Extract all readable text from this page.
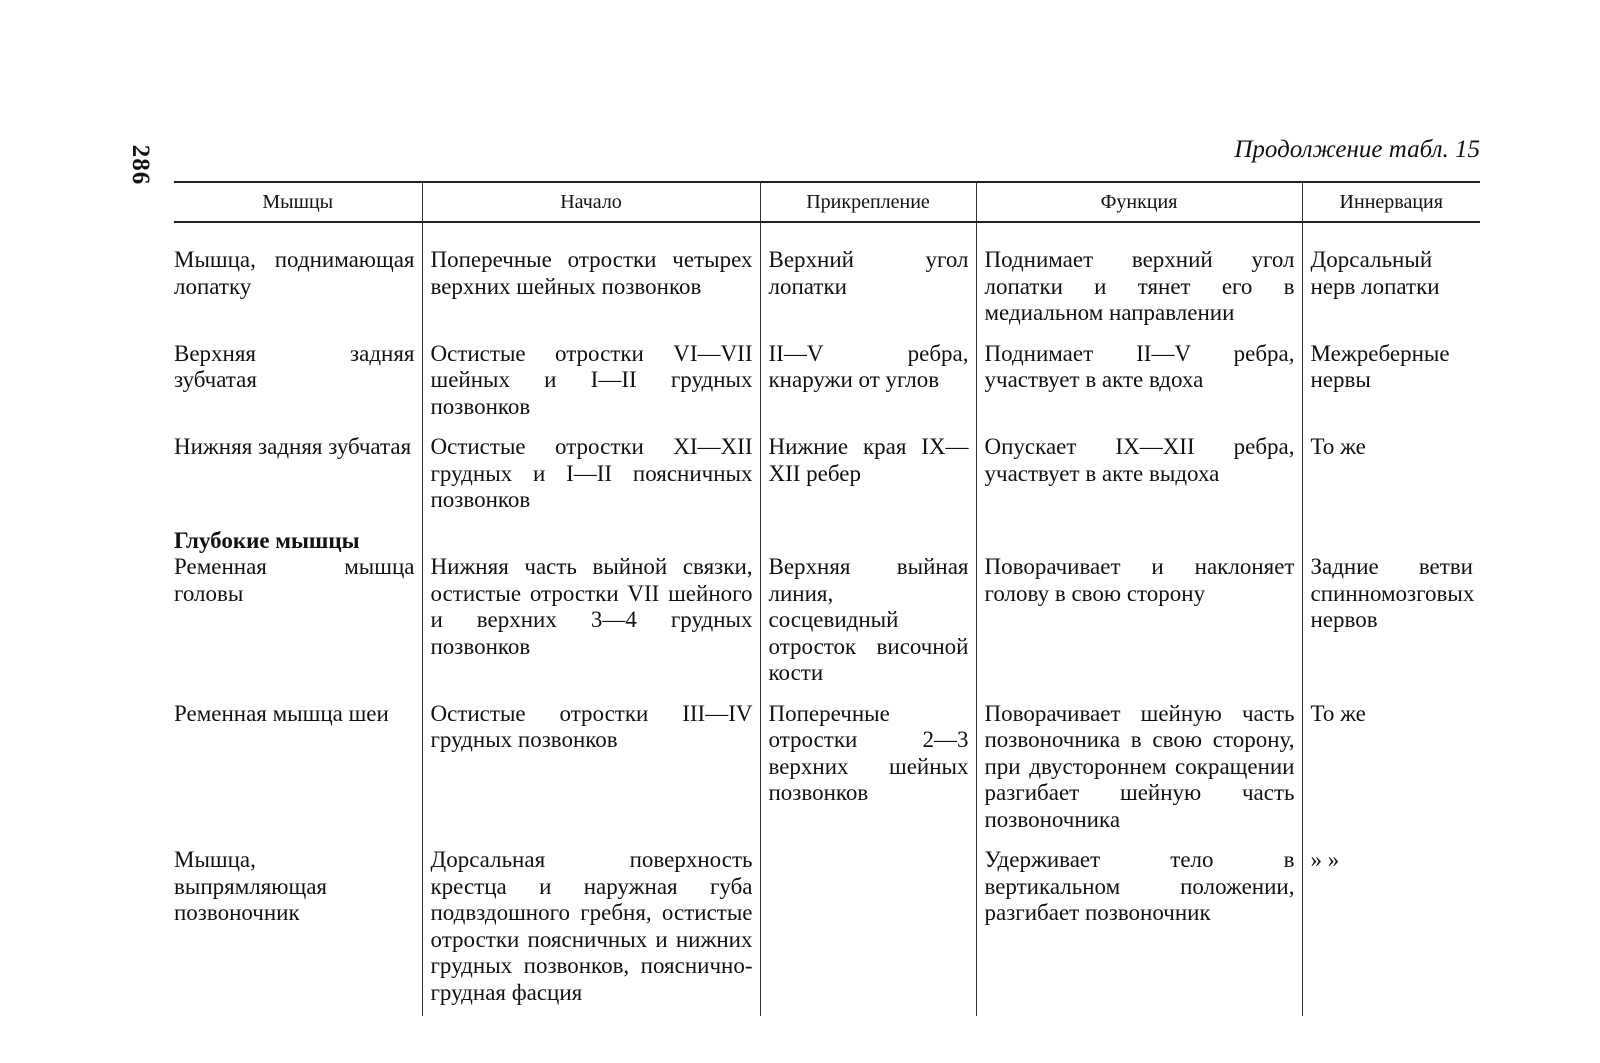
286	Продолжение табл. 15
Мышцы	Начало	Прикрепление	Функция	Иннервация
Мышца, поднимающая лопатку	Поперечные отростки четырех верхних шейных позвонков	Верхний угол лопатки	Поднимает верхний угол лопатки и тянет его в медиальном направлении	Дорсальный нерв лопатки
Верхняя задняя зубчатая	Остистые отростки VI—VII шейных и I—II грудных позвонков	II—V ребра, кнаружи от углов	Поднимает II—V ребра, участвует в акте вдоха	Межреберные нервы
Нижняя задняя зубчатая	Остистые отростки XI—XII грудных и I—II поясничных позвонков	Нижние края IX—XII ребер	Опускает IX—XII ребра, участвует в акте выдоха	То же

Глубокие мышцы
Ременная мышца головы	Нижняя часть выйной связки, остистые отростки VII шейного и верхних 3—4 грудных позвонков	Верхняя выйная линия, сосцевидный отросток височной кости	Поворачивает и наклоняет голову в свою сторону	Задние ветви спинномозговых нервов
Ременная мышца шеи	Остистые отростки III—IV грудных позвонков	Поперечные отростки 2—3 верхних шейных позвонков	Поворачивает шейную часть позвоночника в свою сторону, при двустороннем сокращении разгибает шейную часть позвоночника	То же
Мышца, выпрямляющая позвоночник	Дорсальная поверхность крестца и наружная губа подвздошного гребня, остистые отростки поясничных и нижних грудных позвонков, пояснично-грудная фасция		Удерживает тело в вертикальном положении, разгибает позвоночник	» »
